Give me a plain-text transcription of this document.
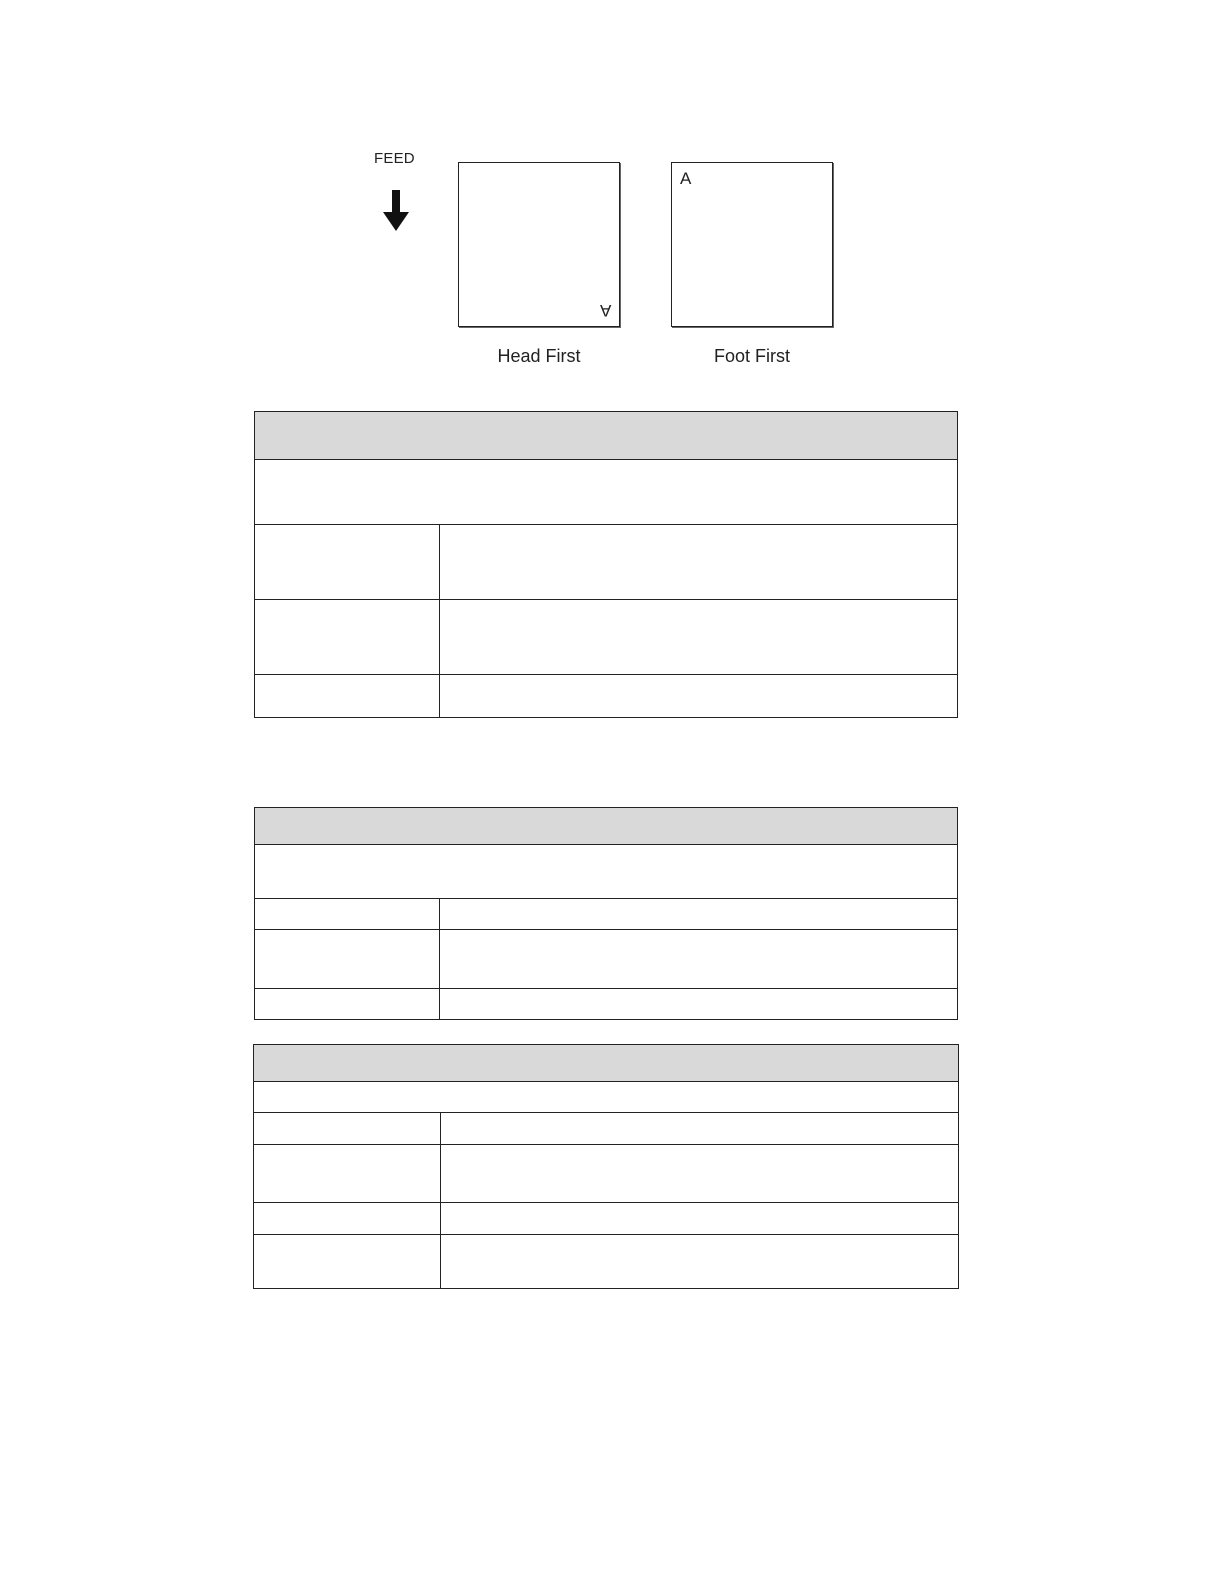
FEED
A
A
Head First	Foot First
